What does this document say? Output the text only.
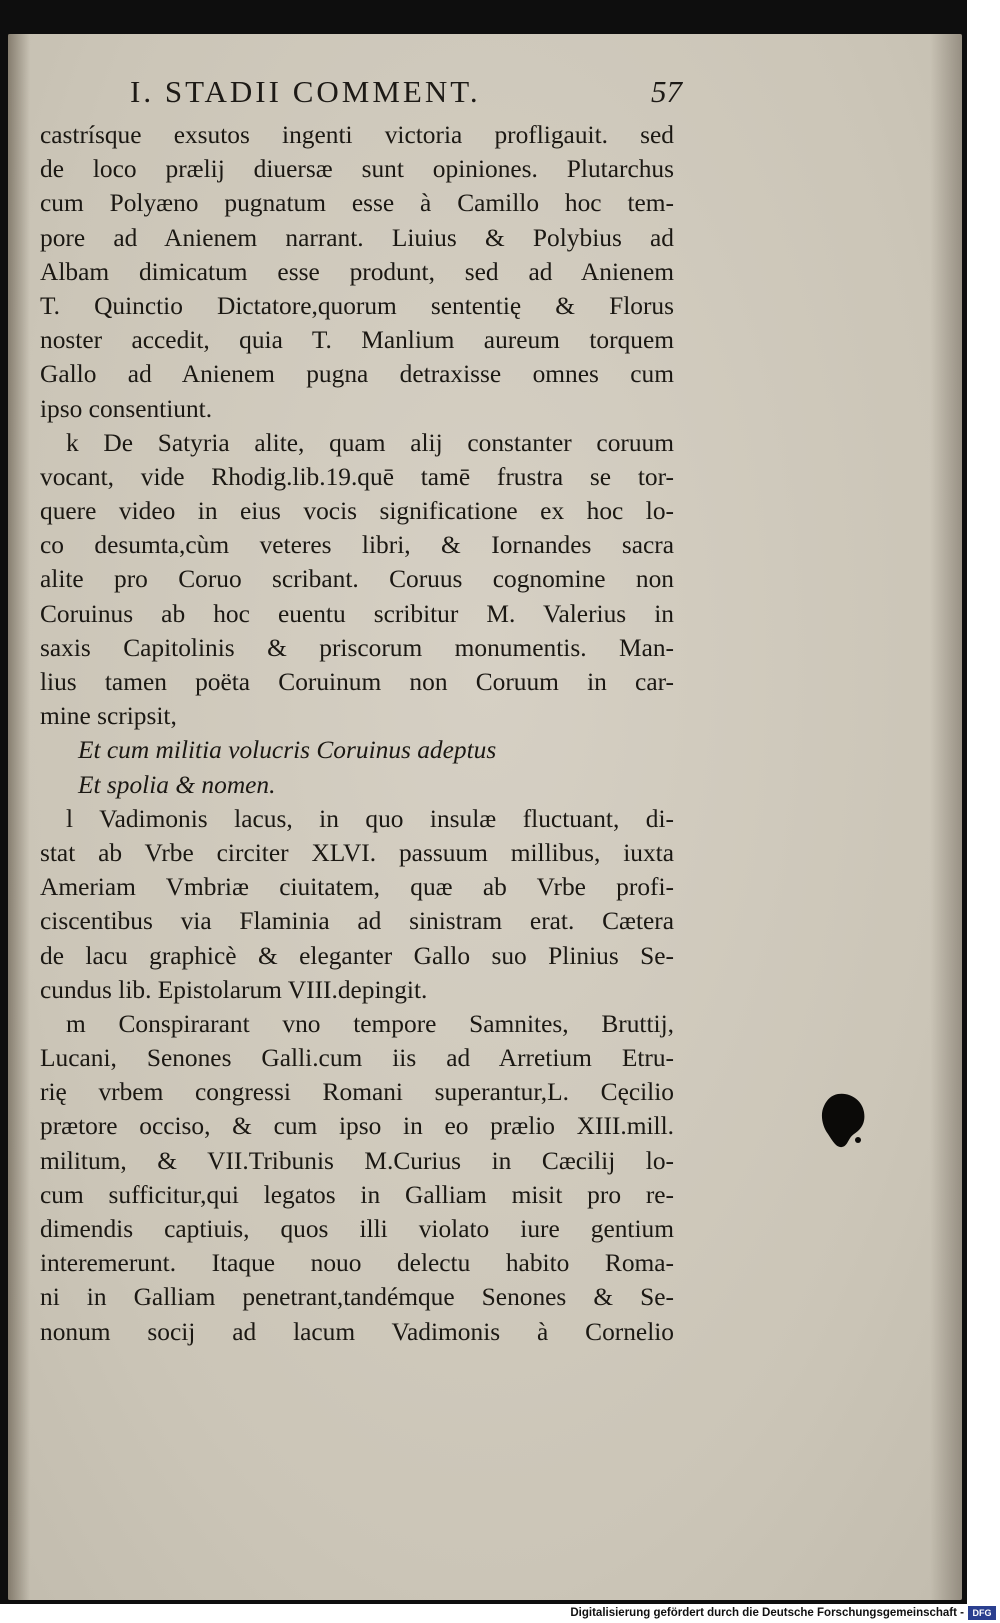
I. STADII COMMENT.	57
castrísque exsutos ingenti victoria profligauit. sed
de loco prælij diuersæ sunt opiniones. Plutarchus
cum Polyæno pugnatum esse à Camillo hoc tem-
pore ad Anienem narrant. Liuius & Polybius ad
Albam dimicatum esse produnt, sed ad Anienem
T. Quinctio Dictatore,quorum sententię & Florus
noster accedit, quia T. Manlium aureum torquem
Gallo ad Anienem pugna detraxisse omnes cum
ipso consentiunt.
k De Satyria alite, quam alij constanter coruum
vocant, vide Rhodig.lib.19.quē tamē frustra se tor-
quere video in eius vocis significatione ex hoc lo-
co desumta,cùm veteres libri, & Iornandes sacra
alite pro Coruo scribant. Coruus cognomine non
Coruinus ab hoc euentu scribitur M. Valerius in
saxis Capitolinis & priscorum monumentis. Man-
lius tamen poëta Coruinum non Coruum in car-
mine scripsit,
Et cum militia volucris Coruinus adeptus
Et spolia & nomen.
l Vadimonis lacus, in quo insulæ fluctuant, di-
stat ab Vrbe circiter XLVI. passuum millibus, iuxta
Ameriam Vmbriæ ciuitatem, quæ ab Vrbe profi-
ciscentibus via Flaminia ad sinistram erat. Cætera
de lacu graphicè & eleganter Gallo suo Plinius Se-
cundus lib. Epistolarum VIII.depingit.
m Conspirarant vno tempore Samnites, Bruttij,
Lucani, Senones Galli.cum iis ad Arretium Etru-
rię vrbem congressi Romani superantur,L. Cęcilio
prætore occiso, & cum ipso in eo prælio XIII.mill.
militum, & VII.Tribunis M.Curius in Cæcilij lo-
cum sufficitur,qui legatos in Galliam misit pro re-
dimendis captiuis, quos illi violato iure gentium
interemerunt. Itaque nouo delectu habito Romа-
ni in Galliam penetrant,tandémque Senones & Se-
nonum socij ad lacum Vadimonis à Cornelio
Digitalisierung gefördert durch die Deutsche Forschungsgemeinschaft - DFG
